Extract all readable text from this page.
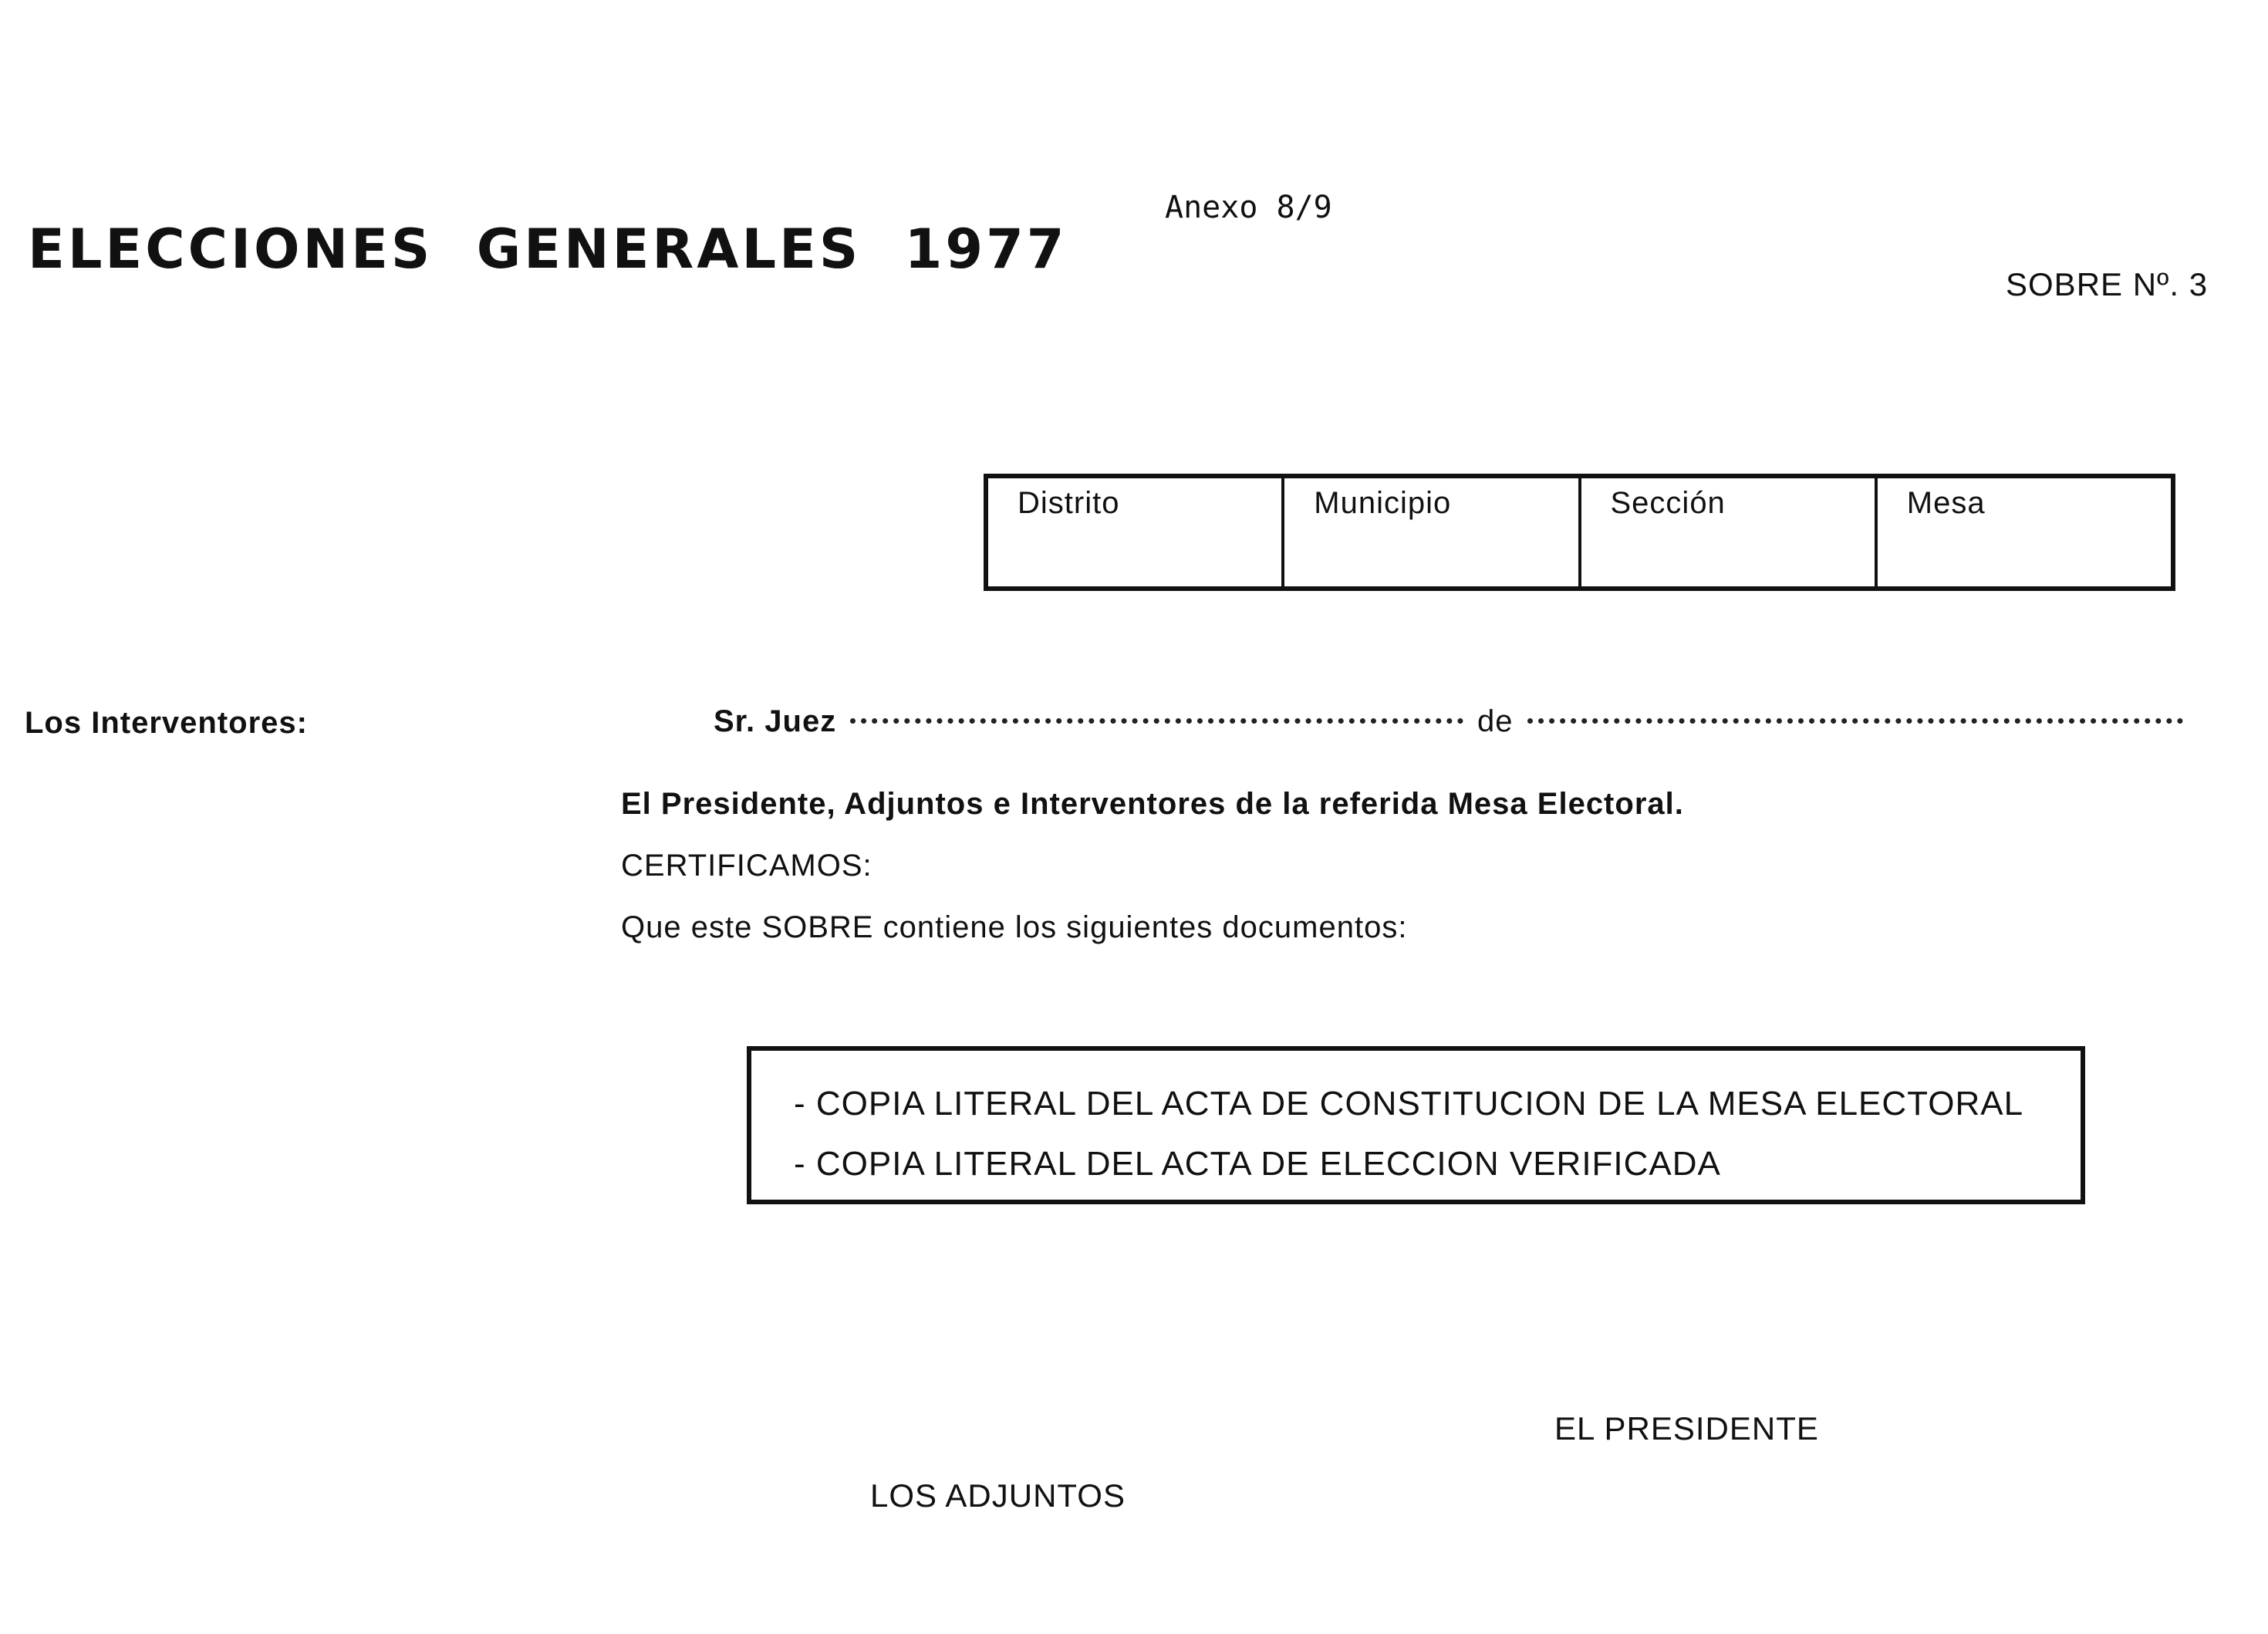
ELECCIONES GENERALES 1977
Anexo 8/9
SOBRE Nº. 3
Distrito	Municipio	Sección	Mesa
Los Interventores:	Sr. Juez	de
El Presidente, Adjuntos e Interventores de la referida Mesa Electoral.
CERTIFICAMOS:
Que este SOBRE contiene los siguientes documentos:
- COPIA LITERAL DEL ACTA DE CONSTITUCION DE LA MESA ELECTORAL
- COPIA LITERAL DEL ACTA DE ELECCION VERIFICADA
EL PRESIDENTE
LOS ADJUNTOS
